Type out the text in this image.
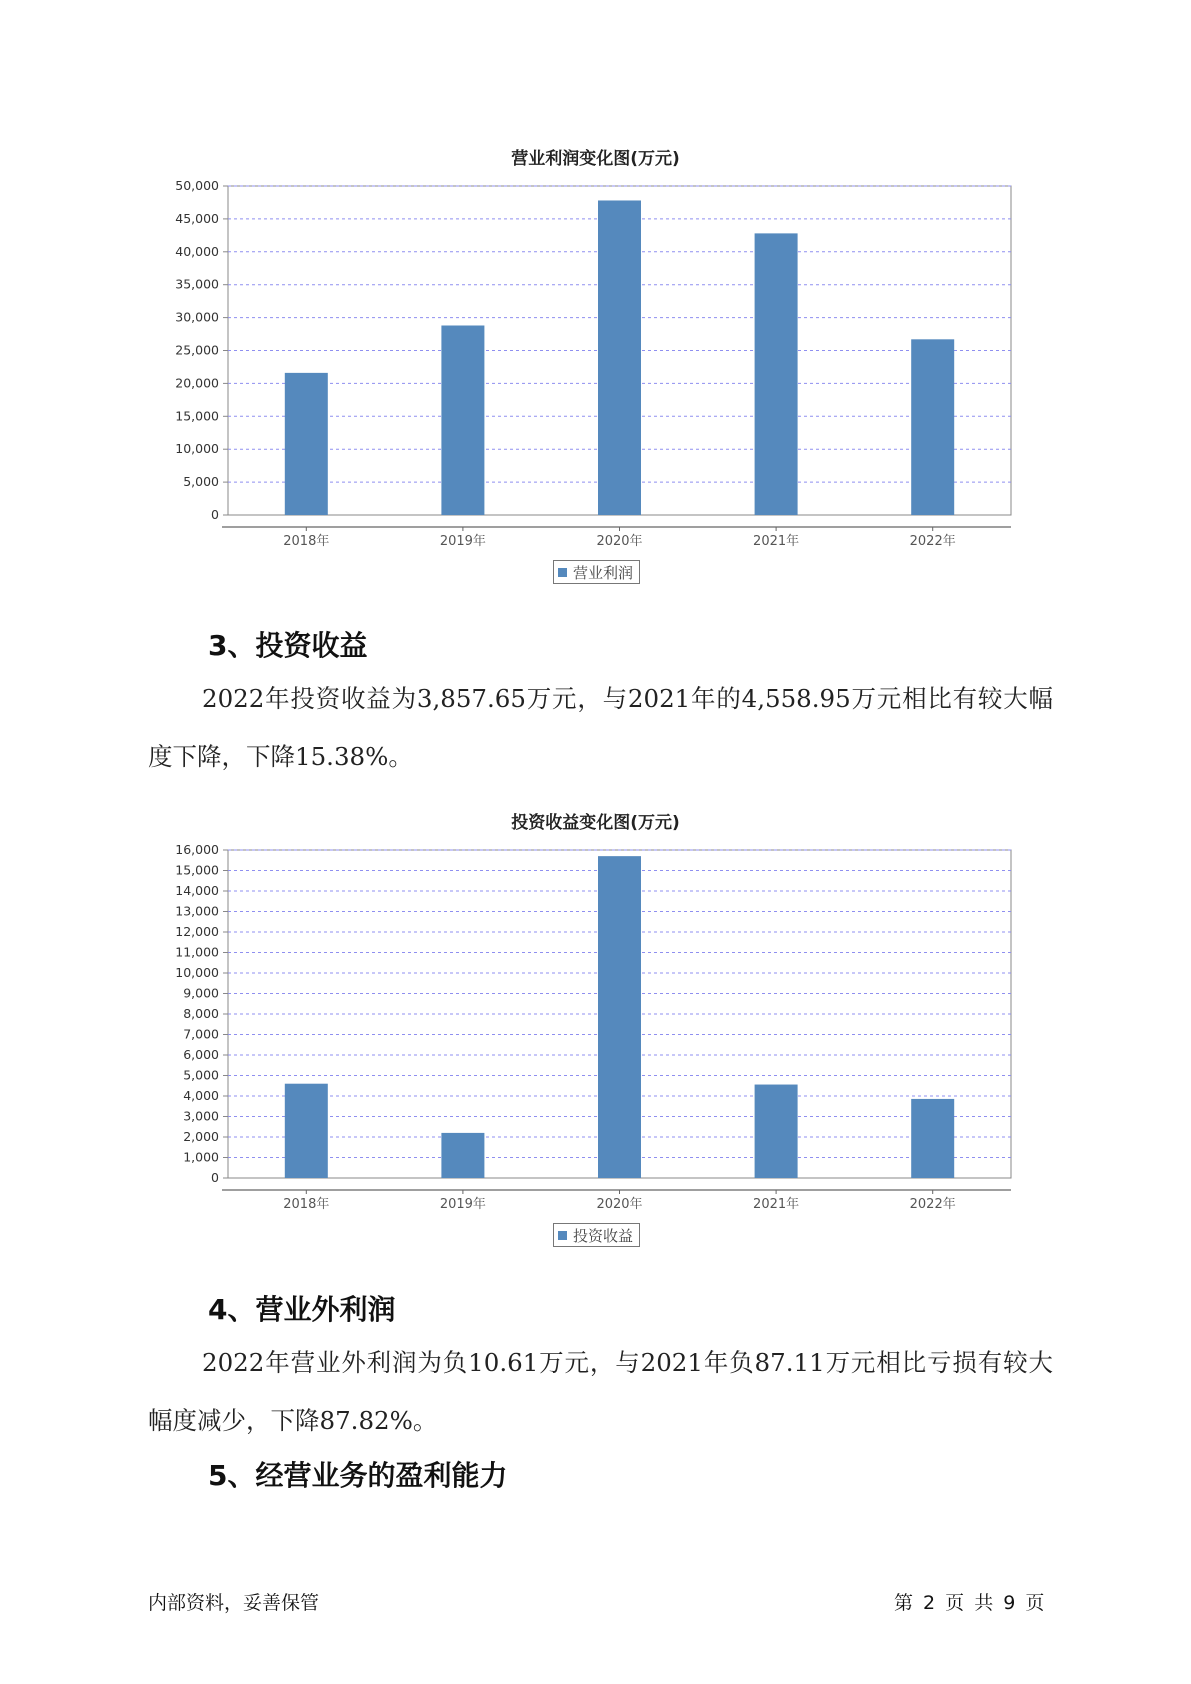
营业利润变化图(万元)
0
5,000
10,000
15,000
20,000
25,000
30,000
35,000
40,000
45,000
50,000
2018年	2019年	2020年	2021年	2022年
营业利润
3、投资收益

2022年投资收益为3,857.65万元，与2021年的4,558.95万元相比有较大幅度下降，下降15.38%。

投资收益变化图(万元)
0
1,000
2,000
3,000
4,000
5,000
6,000
7,000
8,000
9,000
10,000
11,000
12,000
13,000
14,000
15,000
16,000
2018年	2019年	2020年	2021年	2022年
投资收益
4、营业外利润

2022年营业外利润为负10.61万元，与2021年负87.11万元相比亏损有较大幅度减少，下降87.82%。

5、经营业务的盈利能力
内部资料，妥善保管	第 2 页 共 9 页
